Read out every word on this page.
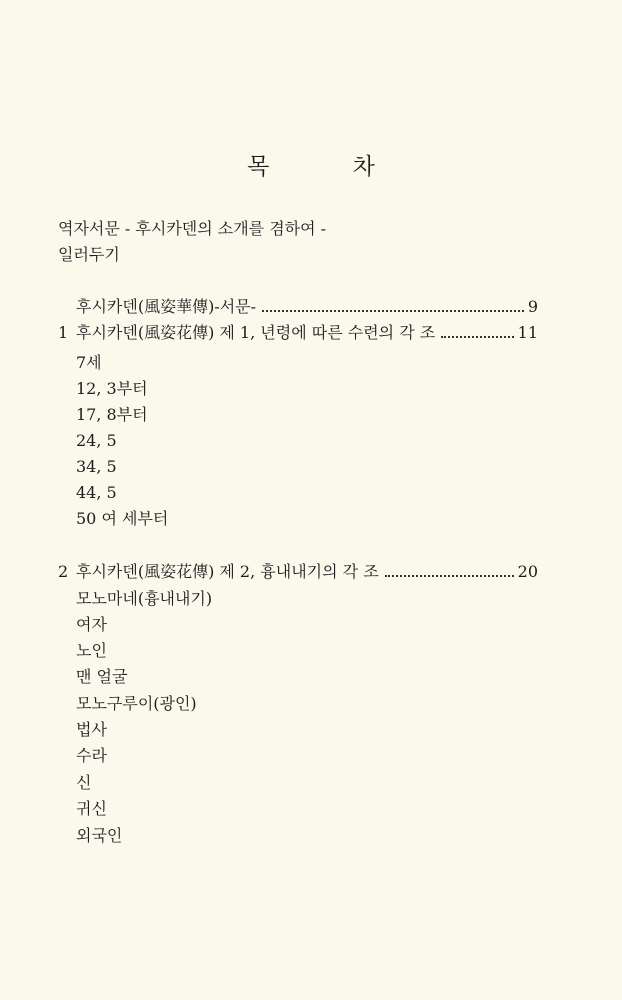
목 차
역자서문 - 후시카덴의 소개를 겸하여 -
일러두기
후시카덴(風姿華傳)-서문-	9
1 후시카덴(風姿花傳) 제 1, 년령에 따른 수련의 각 조	11
7세
12, 3부터
17, 8부터
24, 5
34, 5
44, 5
50 여 세부터
2 후시카덴(風姿花傳) 제 2, 흉내내기의 각 조	20
모노마네(흉내내기)
여자
노인
맨 얼굴
모노구루이(광인)
법사
수라
신
귀신
외국인
